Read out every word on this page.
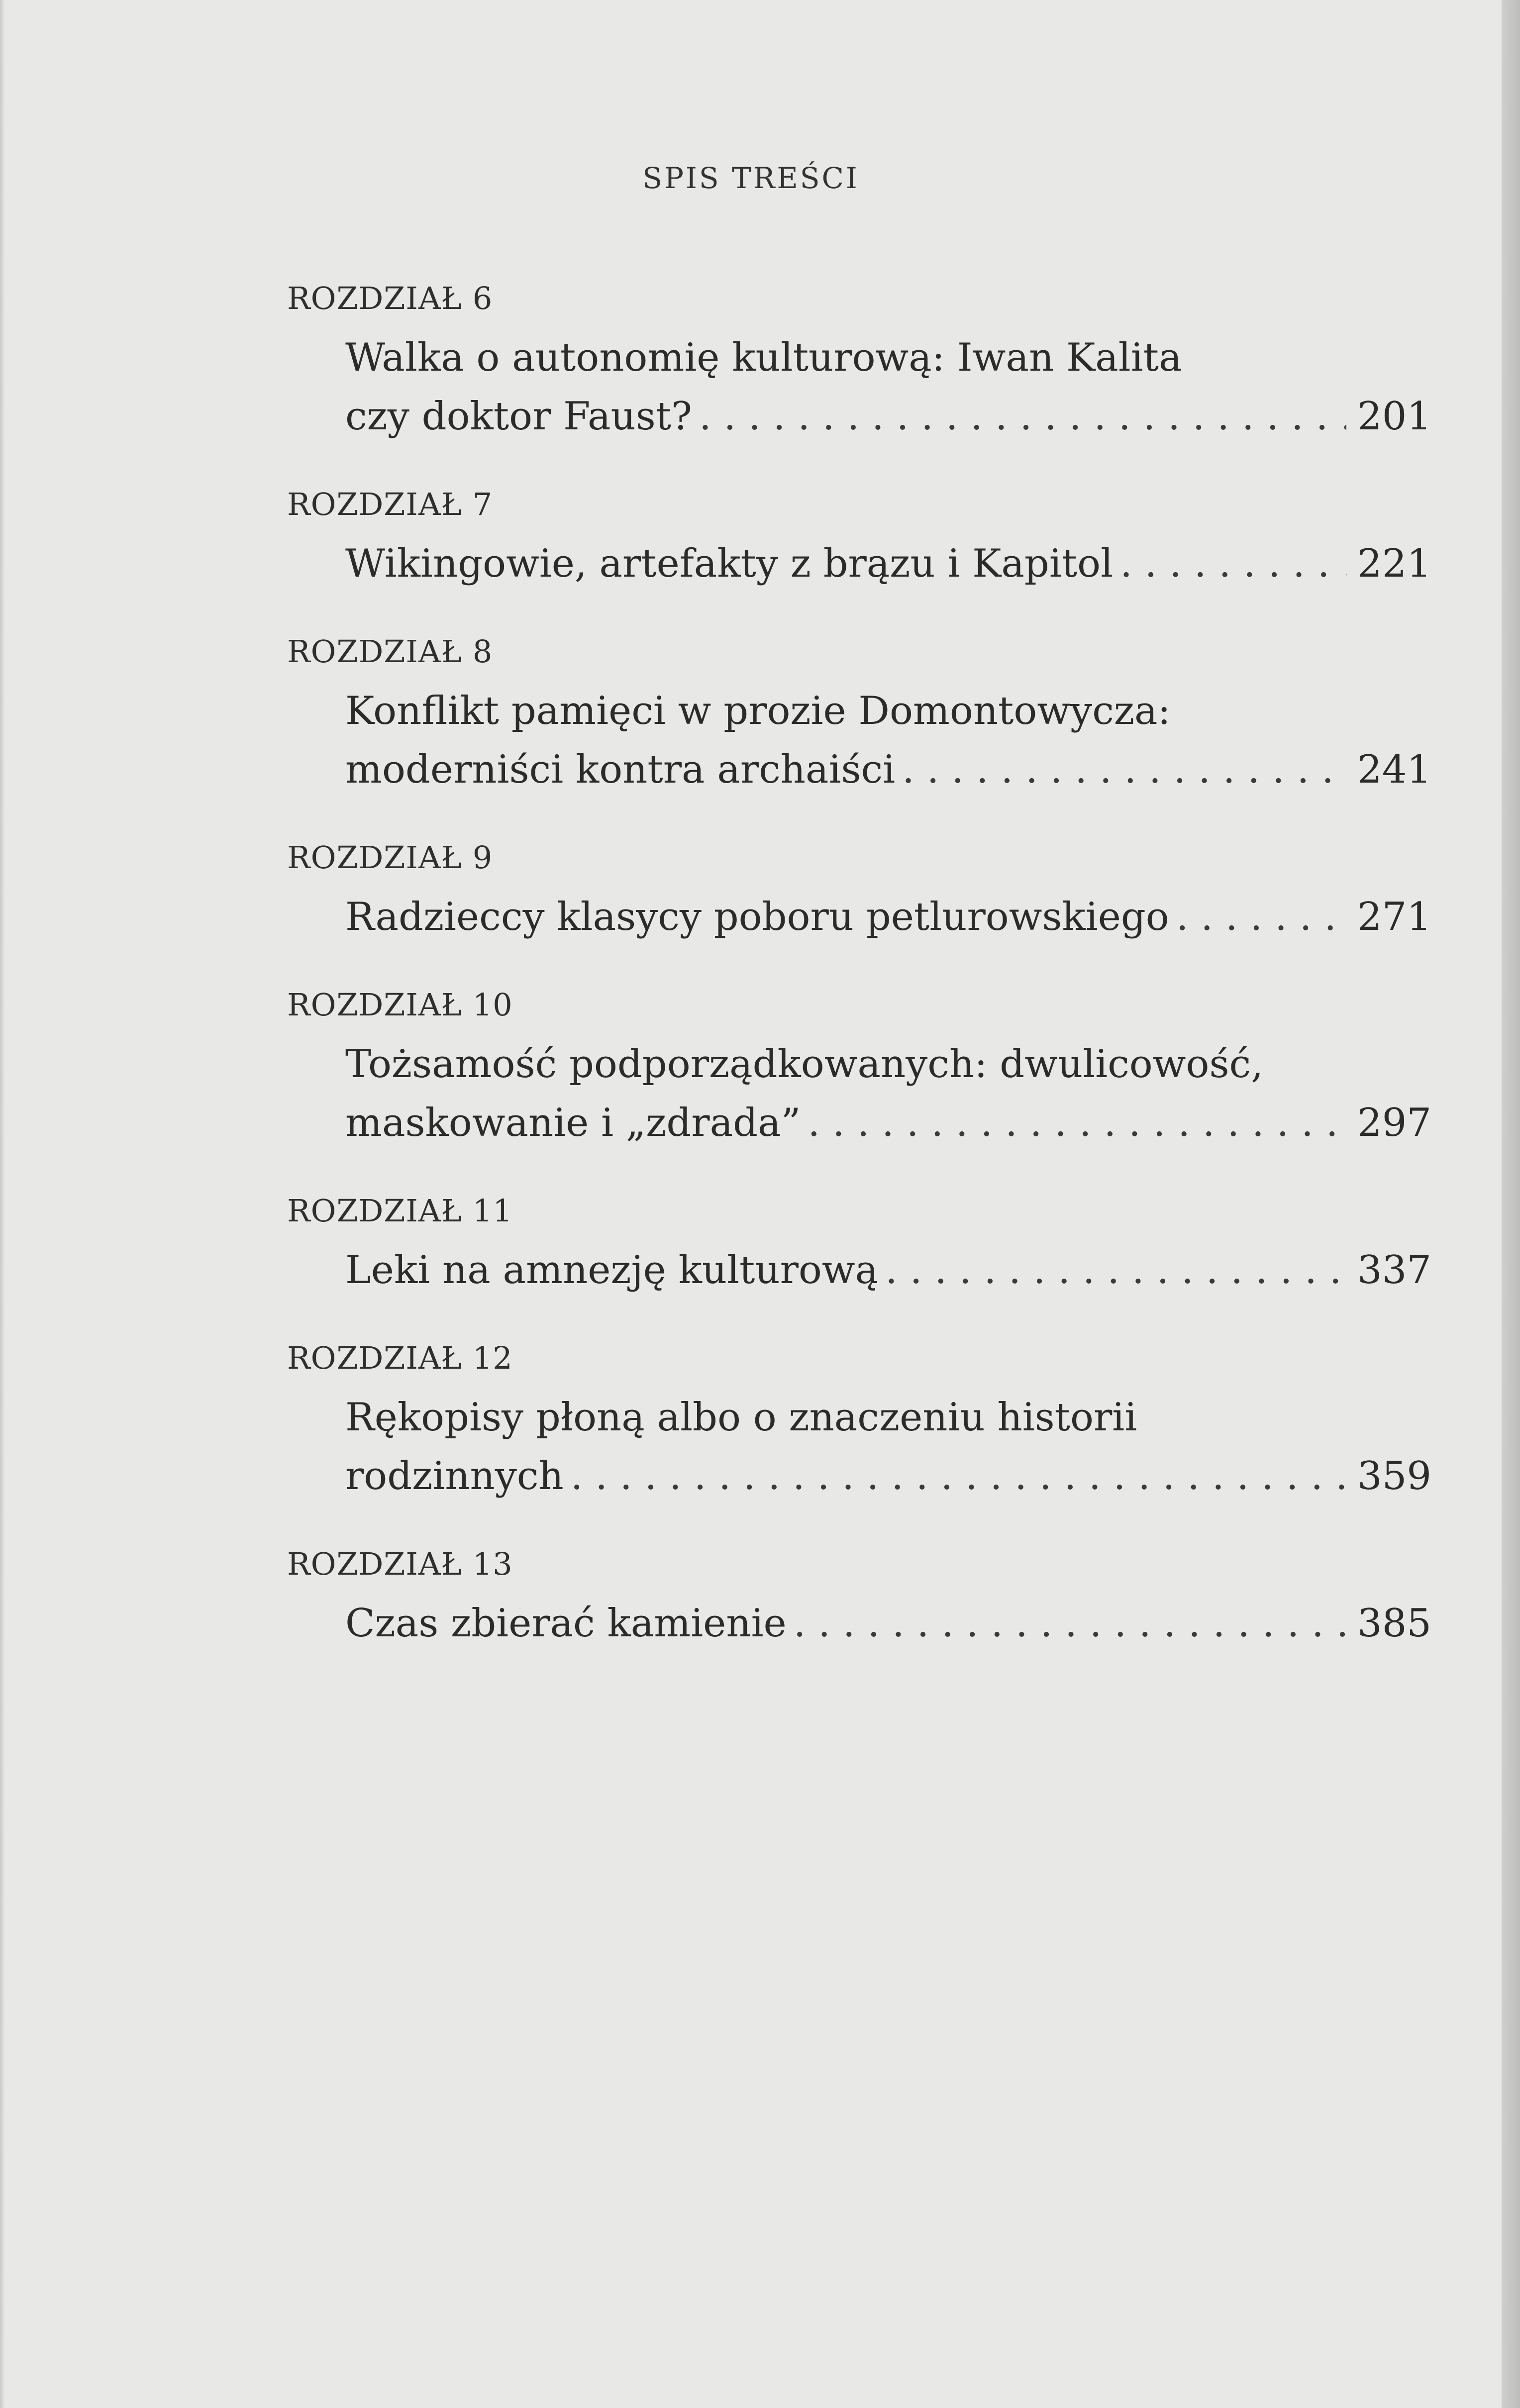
SPIS TREŚCI
ROZDZIAŁ 6
Walka o autonomię kulturową: Iwan Kalita
czy doktor Faust? . . .	201
ROZDZIAŁ 7
Wikingowie, artefakty z brązu i Kapitol . . .	221
ROZDZIAŁ 8
Konflikt pamięci w prozie Domontowycza:
moderniści kontra archaiści . . .	241
ROZDZIAŁ 9
Radzieccy klasycy poboru petlurowskiego . . .	271
ROZDZIAŁ 10
Tożsamość podporządkowanych: dwulicowość,
maskowanie i „zdrada” . . .	297
ROZDZIAŁ 11
Leki na amnezję kulturową . . .	337
ROZDZIAŁ 12
Rękopisy płoną albo o znaczeniu historii
rodzinnych . . .	359
ROZDZIAŁ 13
Czas zbierać kamienie . . .	385
